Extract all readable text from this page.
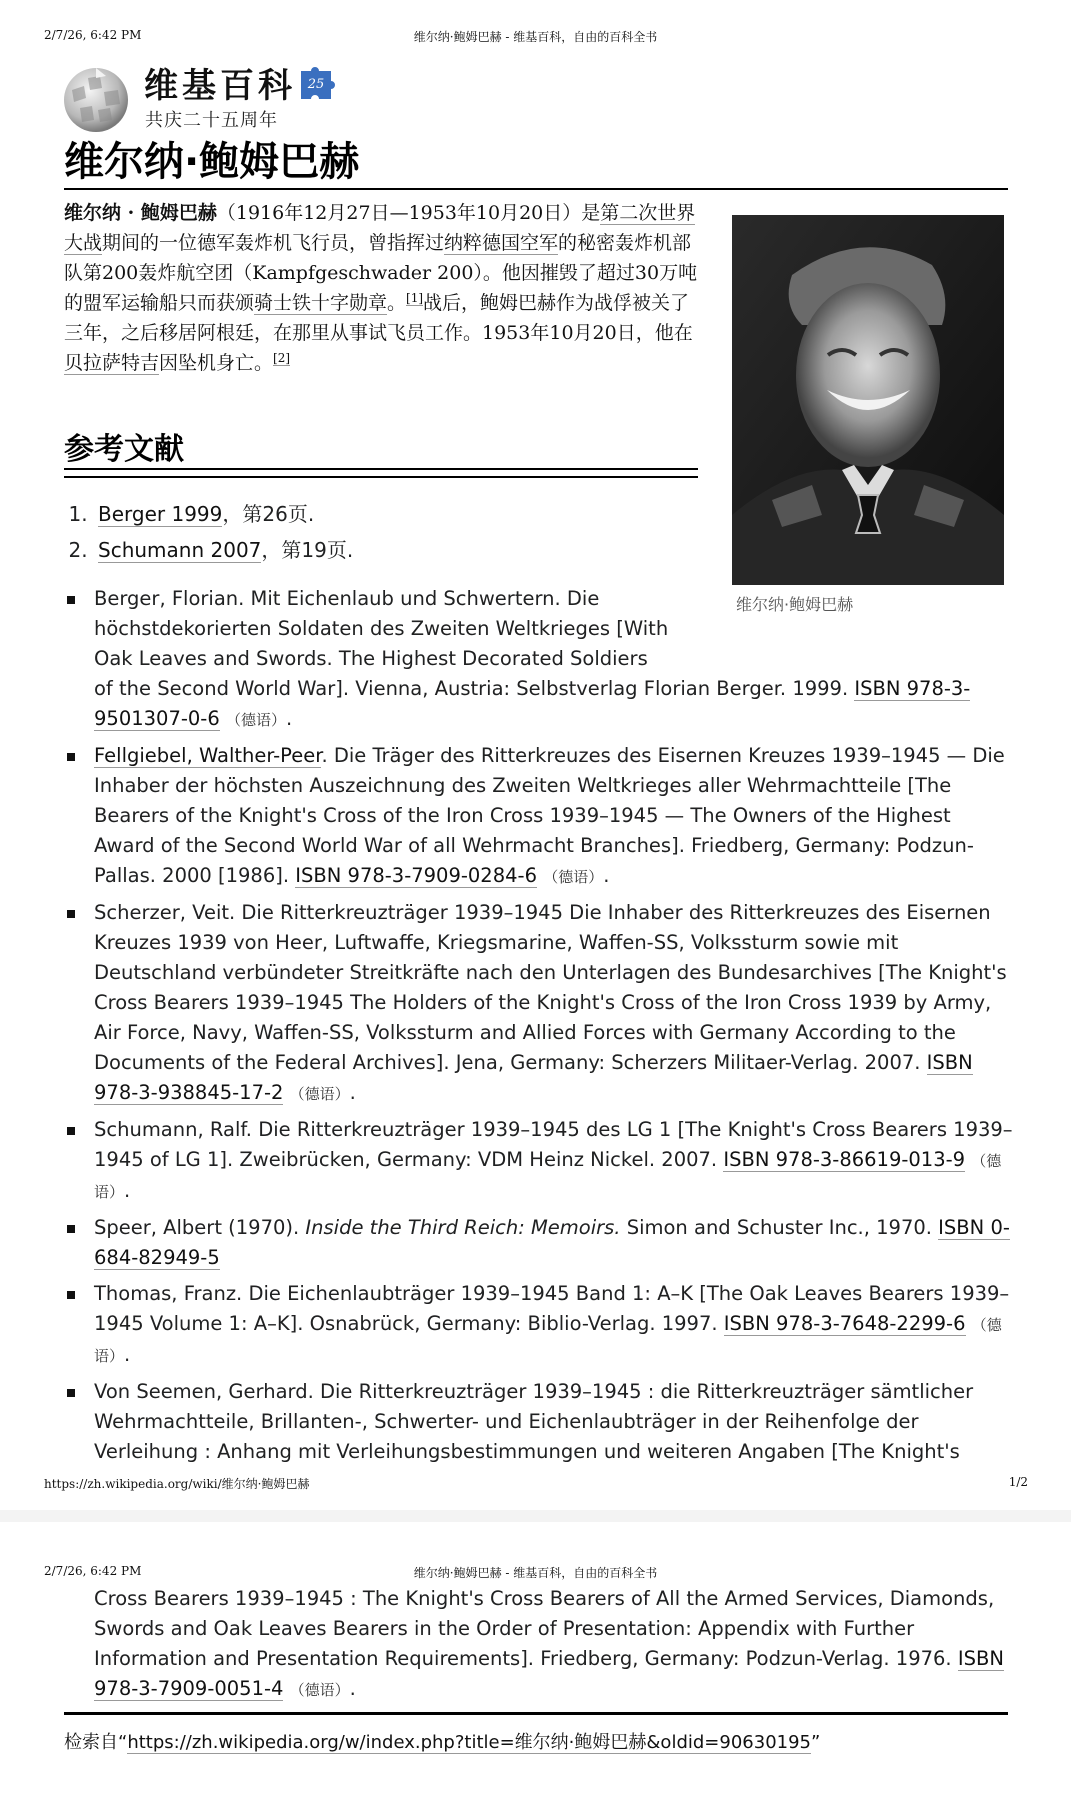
2/7/26, 6:42 PM	维尔纳·鲍姆巴赫 - 维基百科，自由的百科全书
维基百科 25
共庆二十五周年
维尔纳·鲍姆巴赫
维尔纳 · 鲍姆巴赫（1916年12月27日—1953年10月20日）是第二次世界大战期间的一位德军轰炸机飞行员，曾指挥过纳粹德国空军的秘密轰炸机部队第200轰炸航空团（Kampfgeschwader 200）。他因摧毁了超过30万吨的盟军运输船只而获颁骑士铁十字勋章。[1]战后，鲍姆巴赫作为战俘被关了三年，之后移居阿根廷，在那里从事试飞员工作。1953年10月20日，他在贝拉萨特吉因坠机身亡。[2]
维尔纳·鲍姆巴赫
参考文献
1. Berger 1999，第26页.
2. Schumann 2007，第19页.
Berger, Florian. Mit Eichenlaub und Schwertern. Die höchstdekorierten Soldaten des Zweiten Weltkrieges [With Oak Leaves and Swords. The Highest Decorated Soldiers
of the Second World War]. Vienna, Austria: Selbstverlag Florian Berger. 1999. ISBN 978-3-9501307-0-6 （德语）.
Fellgiebel, Walther-Peer. Die Träger des Ritterkreuzes des Eisernen Kreuzes 1939–1945 — Die Inhaber der höchsten Auszeichnung des Zweiten Weltkrieges aller Wehrmachtteile [The Bearers of the Knight's Cross of the Iron Cross 1939–1945 — The Owners of the Highest Award of the Second World War of all Wehrmacht Branches]. Friedberg, Germany: Podzun-Pallas. 2000 [1986]. ISBN 978-3-7909-0284-6 （德语）.
Scherzer, Veit. Die Ritterkreuzträger 1939–1945 Die Inhaber des Ritterkreuzes des Eisernen Kreuzes 1939 von Heer, Luftwaffe, Kriegsmarine, Waffen-SS, Volkssturm sowie mit Deutschland verbündeter Streitkräfte nach den Unterlagen des Bundesarchives [The Knight's Cross Bearers 1939–1945 The Holders of the Knight's Cross of the Iron Cross 1939 by Army, Air Force, Navy, Waffen-SS, Volkssturm and Allied Forces with Germany According to the Documents of the Federal Archives]. Jena, Germany: Scherzers Militaer-Verlag. 2007. ISBN 978-3-938845-17-2 （德语）.
Schumann, Ralf. Die Ritterkreuzträger 1939–1945 des LG 1 [The Knight's Cross Bearers 1939–1945 of LG 1]. Zweibrücken, Germany: VDM Heinz Nickel. 2007. ISBN 978-3-86619-013-9 （德语）.
Speer, Albert (1970). Inside the Third Reich: Memoirs. Simon and Schuster Inc., 1970. ISBN 0-684-82949-5
Thomas, Franz. Die Eichenlaubträger 1939–1945 Band 1: A–K [The Oak Leaves Bearers 1939–1945 Volume 1: A–K]. Osnabrück, Germany: Biblio-Verlag. 1997. ISBN 978-3-7648-2299-6 （德语）.
Von Seemen, Gerhard. Die Ritterkreuzträger 1939–1945 : die Ritterkreuzträger sämtlicher Wehrmachtteile, Brillanten-, Schwerter- und Eichenlaubträger in der Reihenfolge der Verleihung : Anhang mit Verleihungsbestimmungen und weiteren Angaben [The Knight's
https://zh.wikipedia.org/wiki/维尔纳·鲍姆巴赫	1/2
2/7/26, 6:42 PM	维尔纳·鲍姆巴赫 - 维基百科，自由的百科全书
Cross Bearers 1939–1945 : The Knight's Cross Bearers of All the Armed Services, Diamonds, Swords and Oak Leaves Bearers in the Order of Presentation: Appendix with Further Information and Presentation Requirements]. Friedberg, Germany: Podzun-Verlag. 1976. ISBN 978-3-7909-0051-4 （德语）.
检索自“https://zh.wikipedia.org/w/index.php?title=维尔纳·鲍姆巴赫&oldid=90630195”
